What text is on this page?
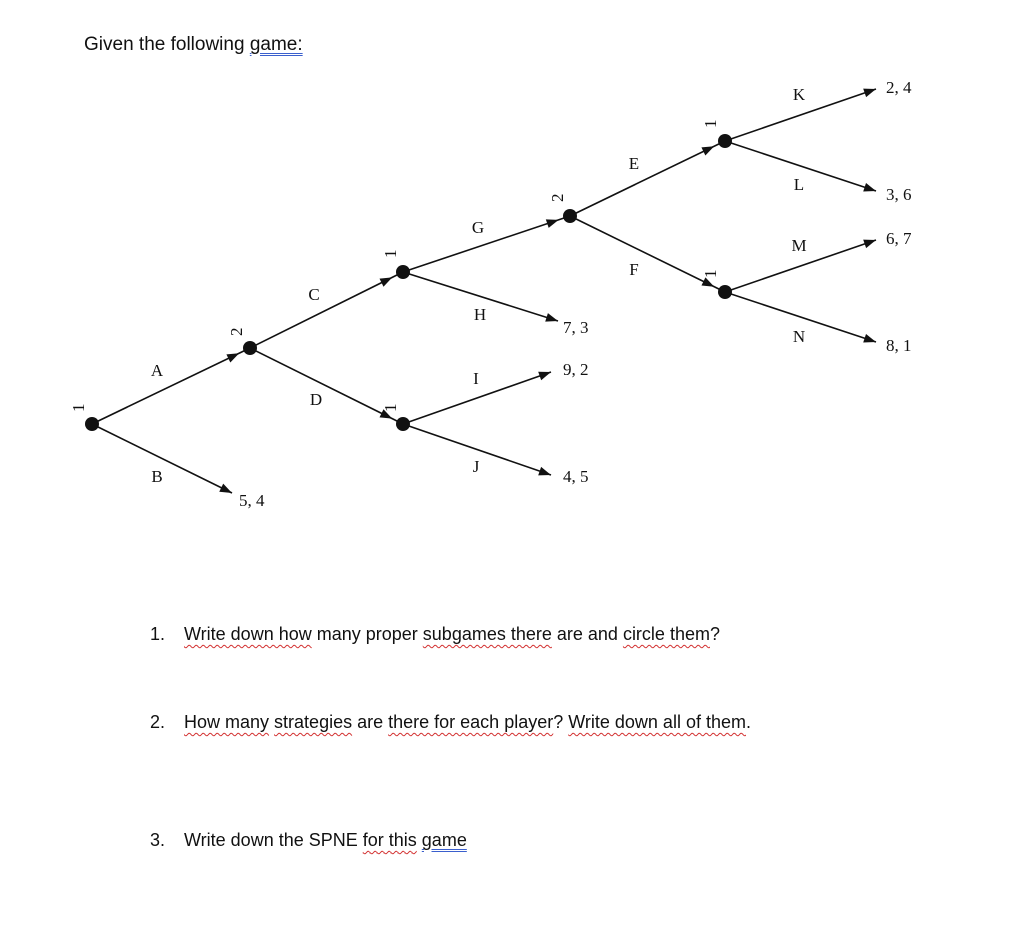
Given the following game:
A
B
5, 4
C
D
G
H
7, 3
I	9, 2
J
4, 5
E
F
K	2, 4
L
3, 6
M	6, 7
N	8, 1
1
2
1
1
2
1
1
1. Write down how many proper subgames there are and circle them?
2. How many strategies are there for each player? Write down all of them.
3. Write down the SPNE for this game
